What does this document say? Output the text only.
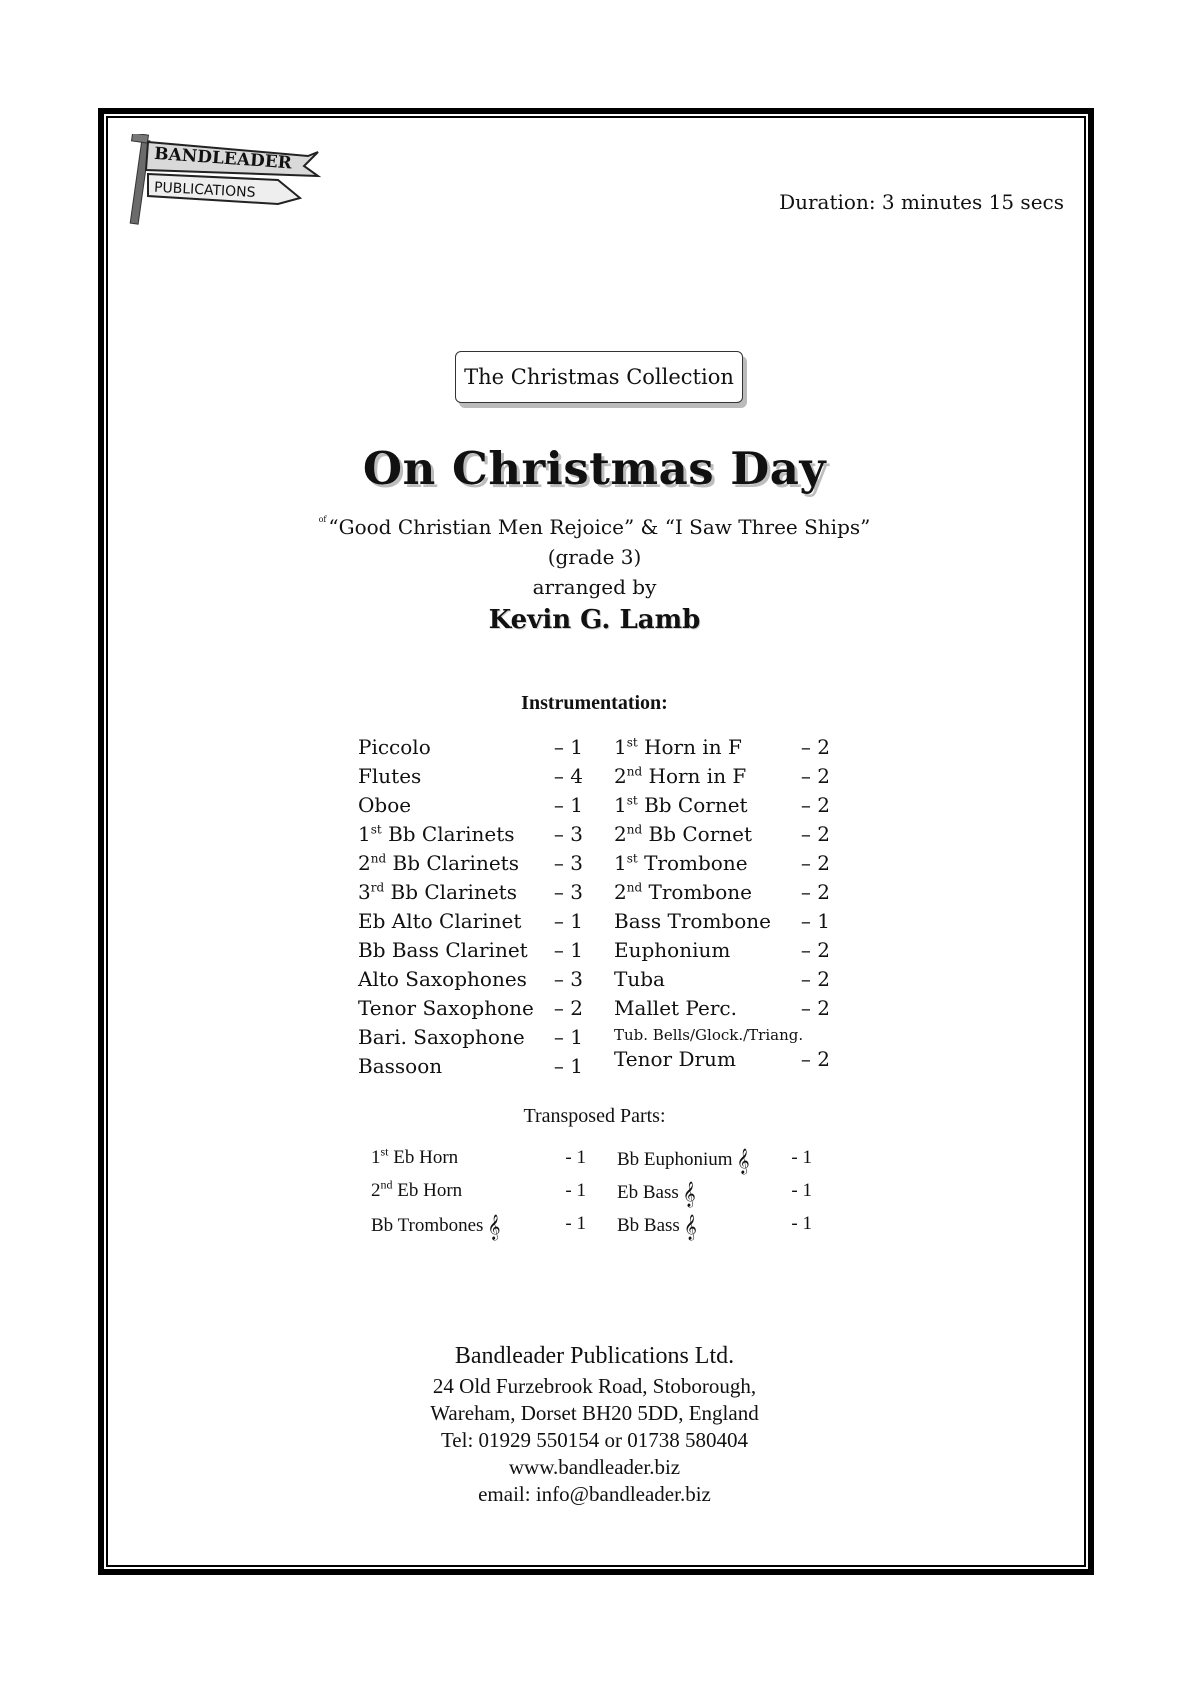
BANDLEADER
PUBLICATIONS	Duration: 3 minutes 15 secs
The Christmas Collection
On Christmas Day
$^{of}$ “Good Christian Men Rejoice” & “I Saw Three Ships”
(grade 3)
arranged by
Kevin G. Lamb
Instrumentation:
Piccolo	– 1
Flutes	– 4
Oboe	– 1
1st Bb Clarinets – 3
2nd Bb Clarinets – 3
3rd Bb Clarinets – 3
Eb Alto Clarinet – 1
Bb Bass Clarinet – 1
Alto Saxophones – 3
Tenor Saxophone – 2
Bari. Saxophone – 1
Bassoon	– 1
1st Horn in F	– 2
2nd Horn in F	– 2
1st Bb Cornet	– 2
2nd Bb Cornet – 2
1st Trombone	– 2
2nd Trombone – 2
Bass Trombone – 1
Euphonium	– 2
Tuba	– 2
Mallet Perc.	– 2
Tub. Bells/Glock./Triang.
Tenor Drum	– 2
Transposed Parts:
1st Eb Horn	- 1
2nd Eb Horn	- 1
Bb Trombones 𝄞	- 1
Bb Euphonium 𝄞 - 1
Eb Bass 𝄞	- 1
Bb Bass 𝄞	- 1
Bandleader Publications Ltd.
24 Old Furzebrook Road, Stoborough,
Wareham, Dorset BH20 5DD, England
Tel: 01929 550154 or 01738 580404
www.bandleader.biz
email: info@bandleader.biz
